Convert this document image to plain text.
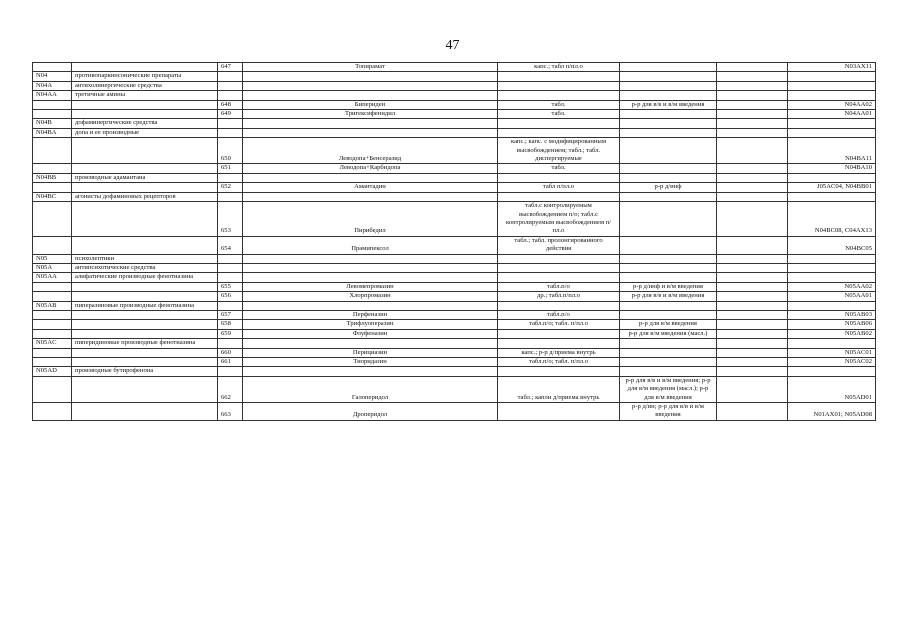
47
		647	Топирамат	капс.; табл п/пл.о			N03AX11
N04	противопаркинсонические препараты						
N04A	антихолинергические средства						
N04AA	третичные амины						
		648	Бипериден	табл.	р-р для в/в и в/м введения		N04AA02
		649	Тригексифенидил	табл.			N04AA01
N04B	дофаминергические средства						
N04BA	допа и ее производные						
		650	Леводопа+Бенсеразид	капс.; капс. с модифицированным высвобождением; табл.; табл. диспергируемые			N04BA11
		651	Леводопа+Карбидопа	табл.			N04BA10
N04BB	производные адамантана						
		652	Амантадин	табл п/пл.о	р-р д/инф		J05AC04, N04BB01
N04BC	агонисты дофаминовых рецепторов						
		653	Пирибедил	табл.с контролируемым высвобождением п/о; табл.с контролируемым высвобождением п/пл.о			N04BC08, C04AX13
		654	Прамипексол	табл.; табл. пролонгированного действия			N04BC05
N05	психолептики						
N05A	антипсихотические средства						
N05AA	алифатические производные фенотиазина						
		655	Левомепромазин	табл.п/о	р-р д/инф и в/м введения		N05AA02
		656	Хлорпромазин	др.; табл.п/пл.о	р-р для в/в и в/м введения		N05AA01
N05AB	пиперазиновые производные фенотиазина						
		657	Перфеназин	табл.п/о			N05AB03
		658	Трифлуоперазин	табл.п/о; табл. п/пл.о	р-р для в/м введения		N05AB06
		659	Флуфеназин		р-р для в/м введения (масл.)		N05AB02
N05AC	пиперидиновые производные фенотиазина						
		660	Перициазин	капс.; р-р д/приема внутрь			N05AC01
		661	Тиоридазин	табл.п/о; табл. п/пл.о			N05AC02
N05AD	производные бутирофенона						
		662	Галоперидол	табл.; капли д/приема внутрь	р-р для в/в и в/м введения; р-р для в/м введения (масл.); р-р для в/м введения		N05AD01
		663	Дроперидол		р-р д/ин; р-р для в/в и в/м введения		N01AX01; N05AD08
